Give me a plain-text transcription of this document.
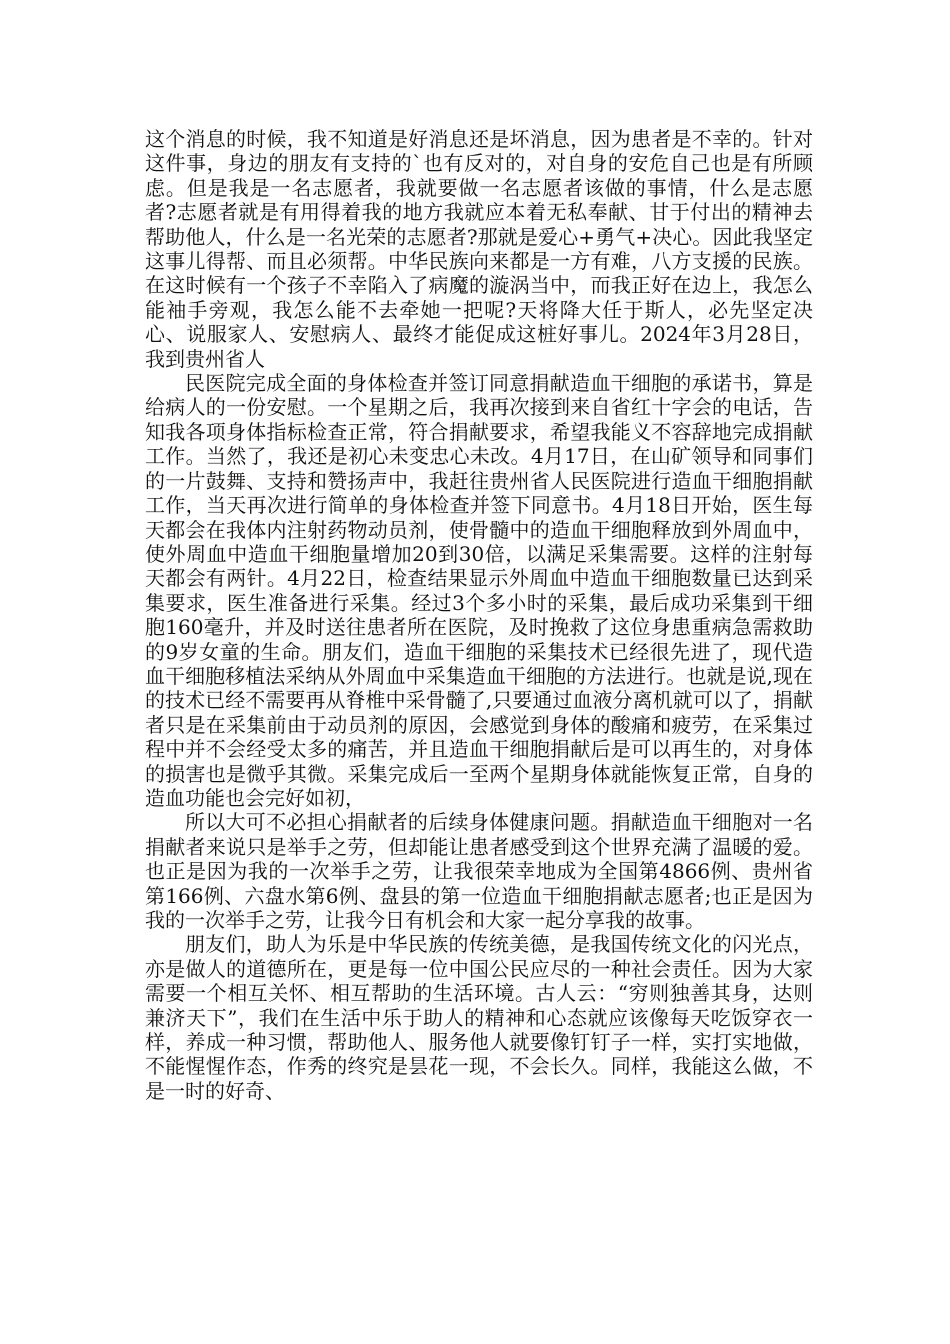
这个消息的时候，我不知道是好消息还是坏消息，因为患者是不幸的。针对这件事，身边的朋友有支持的`也有反对的，对自身的安危自己也是有所顾虑。但是我是一名志愿者，我就要做一名志愿者该做的事情，什么是志愿者?志愿者就是有用得着我的地方我就应本着无私奉献、甘于付出的精神去帮助他人，什么是一名光荣的志愿者?那就是爱心+勇气+决心。因此我坚定这事儿得帮、而且必须帮。中华民族向来都是一方有难，八方支援的民族。在这时候有一个孩子不幸陷入了病魔的漩涡当中，而我正好在边上，我怎么能袖手旁观，我怎么能不去牵她一把呢?天将降大任于斯人，必先坚定决心、说服家人、安慰病人、最终才能促成这桩好事儿。2024年3月28日，我到贵州省人

民医院完成全面的身体检查并签订同意捐献造血干细胞的承诺书，算是给病人的一份安慰。一个星期之后，我再次接到来自省红十字会的电话，告知我各项身体指标检查正常，符合捐献要求，希望我能义不容辞地完成捐献工作。当然了，我还是初心未变忠心未改。4月17日，在山矿领导和同事们的一片鼓舞、支持和赞扬声中，我赶往贵州省人民医院进行造血干细胞捐献工作，当天再次进行简单的身体检查并签下同意书。4月18日开始，医生每天都会在我体内注射药物动员剂，使骨髓中的造血干细胞释放到外周血中，使外周血中造血干细胞量增加20到30倍，以满足采集需要。这样的注射每天都会有两针。4月22日，检查结果显示外周血中造血干细胞数量已达到采集要求，医生准备进行采集。经过3个多小时的采集，最后成功采集到干细胞160毫升，并及时送往患者所在医院，及时挽救了这位身患重病急需救助的9岁女童的生命。朋友们，造血干细胞的采集技术已经很先进了，现代造血干细胞移植法采纳从外周血中采集造血干细胞的方法进行。也就是说,现在的技术已经不需要再从脊椎中采骨髓了,只要通过血液分离机就可以了，捐献者只是在采集前由于动员剂的原因，会感觉到身体的酸痛和疲劳，在采集过程中并不会经受太多的痛苦，并且造血干细胞捐献后是可以再生的，对身体的损害也是微乎其微。采集完成后一至两个星期身体就能恢复正常，自身的造血功能也会完好如初，

所以大可不必担心捐献者的后续身体健康问题。捐献造血干细胞对一名捐献者来说只是举手之劳，但却能让患者感受到这个世界充满了温暖的爱。也正是因为我的一次举手之劳，让我很荣幸地成为全国第4866例、贵州省第166例、六盘水第6例、盘县的第一位造血干细胞捐献志愿者;也正是因为我的一次举手之劳，让我今日有机会和大家一起分享我的故事。

朋友们，助人为乐是中华民族的传统美德，是我国传统文化的闪光点，亦是做人的道德所在，更是每一位中国公民应尽的一种社会责任。因为大家需要一个相互关怀、相互帮助的生活环境。古人云：“穷则独善其身，达则兼济天下”，我们在生活中乐于助人的精神和心态就应该像每天吃饭穿衣一样，养成一种习惯，帮助他人、服务他人就要像钉钉子一样，实打实地做，不能惺惺作态，作秀的终究是昙花一现，不会长久。同样，我能这么做，不是一时的好奇、
